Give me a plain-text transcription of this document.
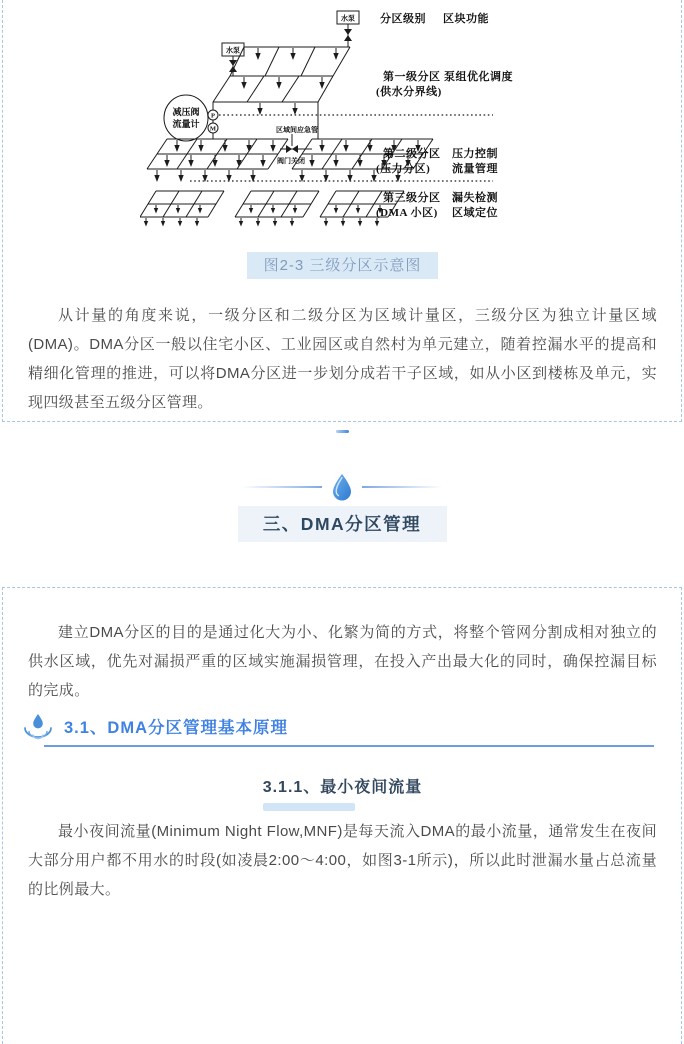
水泵
水泵
减压阀
流量计
P
M	区域间应急管
阀门关闭
分区级别 区块功能
第一级分区 泵组优化调度
(供水分界线)
第二级分区 压力控制
(压力分区) 流量管理
第三级分区 漏失检测
(DMA 小区) 区域定位
图2-3 三级分区示意图

从计量的角度来说，一级分区和二级分区为区域计量区，三级分区为独立计量区域(DMA)。DMA分区一般以住宅小区、工业园区或自然村为单元建立，随着控漏水平的提高和精细化管理的推进，可以将DMA分区进一步划分成若干子区域，如从小区到楼栋及单元，实现四级甚至五级分区管理。

三、DMA分区管理

建立DMA分区的目的是通过化大为小、化繁为简的方式，将整个管网分割成相对独立的供水区域，优先对漏损严重的区域实施漏损管理，在投入产出最大化的同时，确保控漏目标的完成。

3.1、DMA分区管理基本原理
3.1.1、最小夜间流量

最小夜间流量(Minimum Night Flow,MNF)是每天流入DMA的最小流量，通常发生在夜间大部分用户都不用水的时段(如凌晨2:00～4:00，如图3-1所示)，所以此时泄漏水量占总流量的比例最大。
